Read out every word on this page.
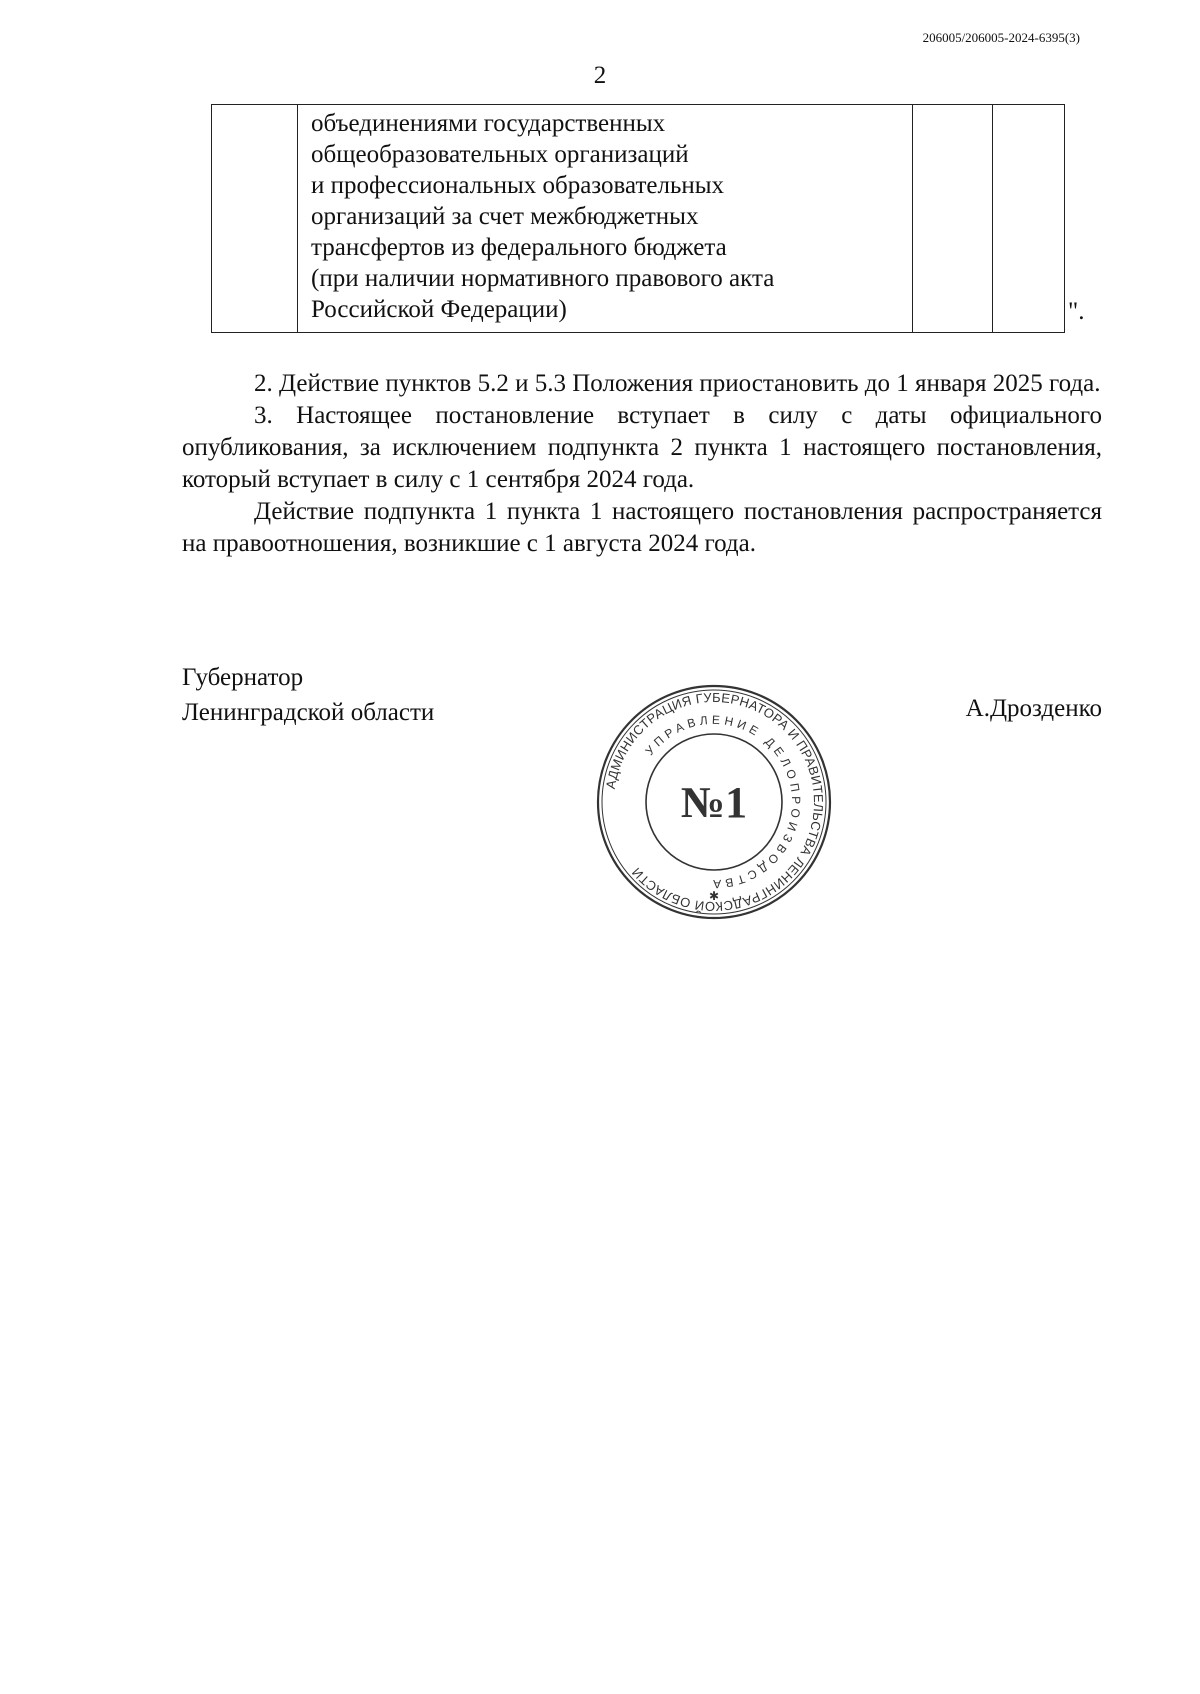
206005/206005-2024-6395(3)
2
объединениями государственных
общеобразовательных организаций
и профессиональных образовательных
организаций за счет межбюджетных
трансфертов из федерального бюджета
(при наличии нормативного правового акта
Российской Федерации)	".

2. Действие пунктов 5.2 и 5.3 Положения приостановить до 1 января 2025 года.

3. Настоящее постановление вступает в силу с даты официального опубликования, за исключением подпункта 2 пункта 1 настоящего постановления, который вступает в силу с 1 сентября 2024 года.

Действие подпункта 1 пункта 1 настоящего постановления распространяется на правоотношения, возникшие с 1 августа 2024 года.

Губернатор
Ленинградской области	А.Дрозденко
АДМИНИСТРАЦИЯ ГУБЕРНАТОРА И ПРАВИТЕЛЬСТВА ЛЕНИНГРАДСКОЙ ОБЛАСТИ
УПРАВЛЕНИЕ ДЕЛОПРОИЗВОДСТВА
№1
✱
